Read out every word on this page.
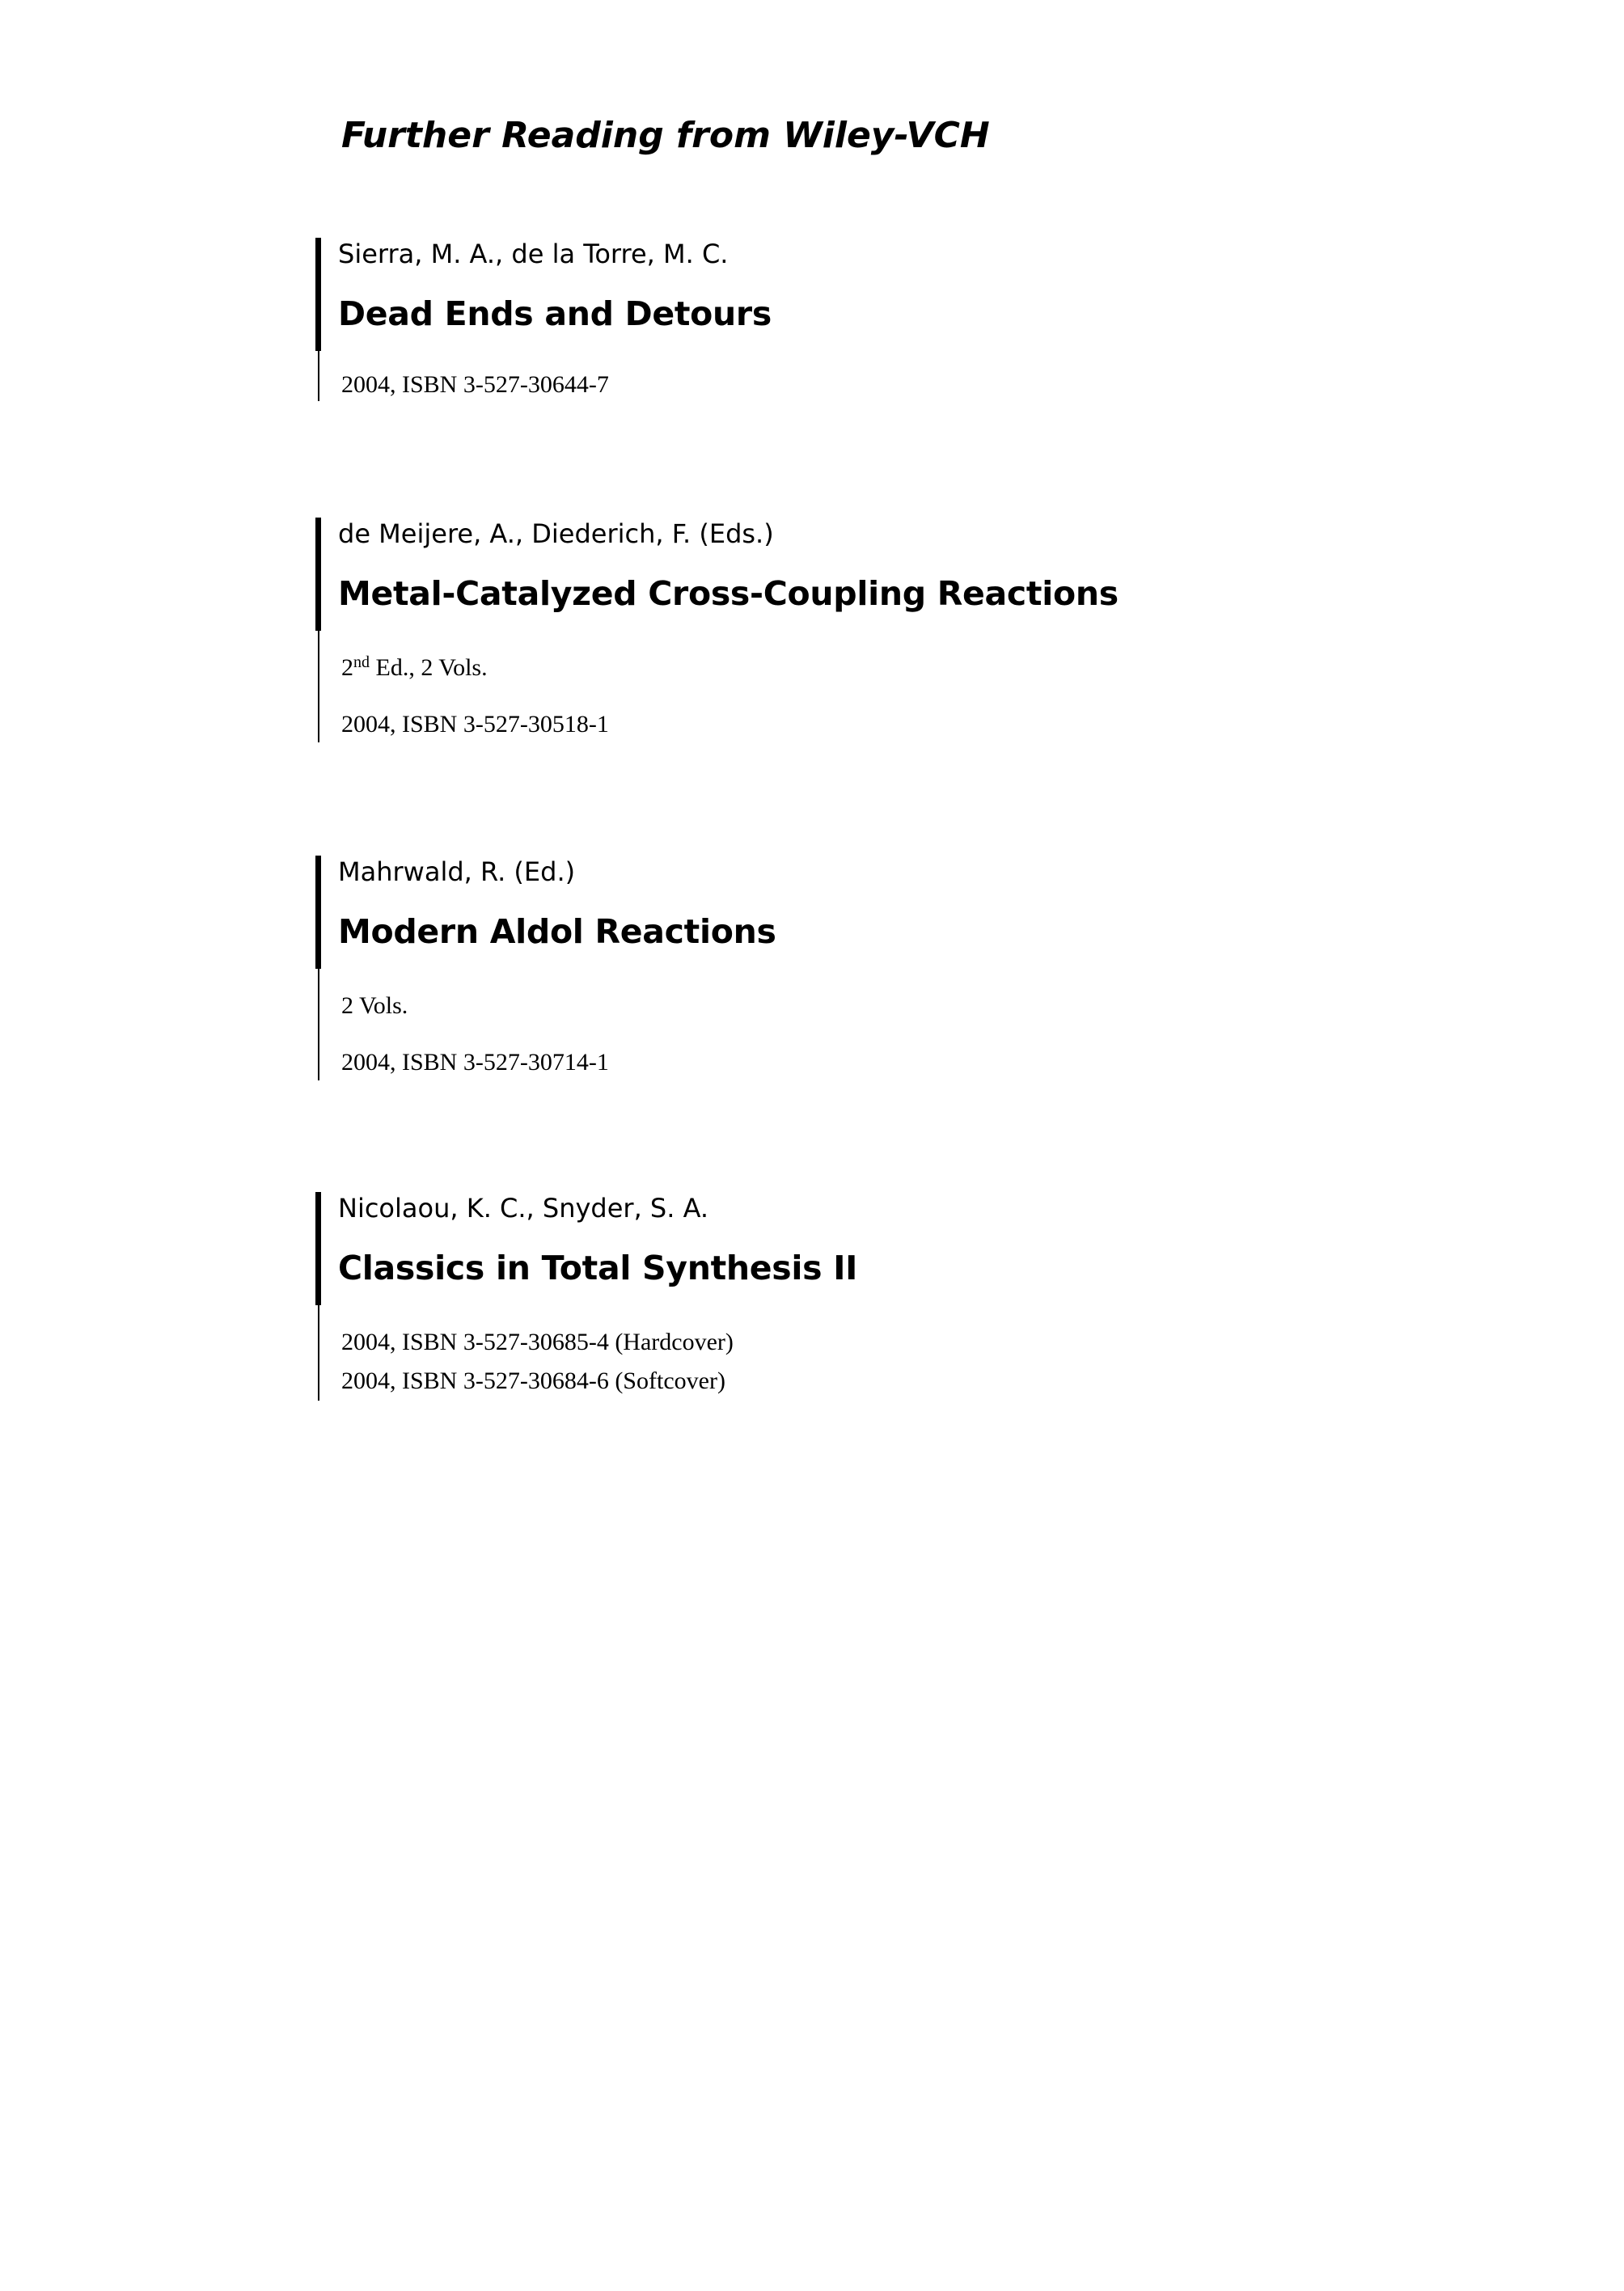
Further Reading from Wiley-VCH
Sierra, M. A., de la Torre, M. C.
Dead Ends and Detours
2004, ISBN 3-527-30644-7
de Meijere, A., Diederich, F. (Eds.)
Metal-Catalyzed Cross-Coupling Reactions
2nd Ed., 2 Vols.
2004, ISBN 3-527-30518-1
Mahrwald, R. (Ed.)
Modern Aldol Reactions
2 Vols.
2004, ISBN 3-527-30714-1
Nicolaou, K. C., Snyder, S. A.
Classics in Total Synthesis II
2004, ISBN 3-527-30685-4 (Hardcover)
2004, ISBN 3-527-30684-6 (Softcover)
